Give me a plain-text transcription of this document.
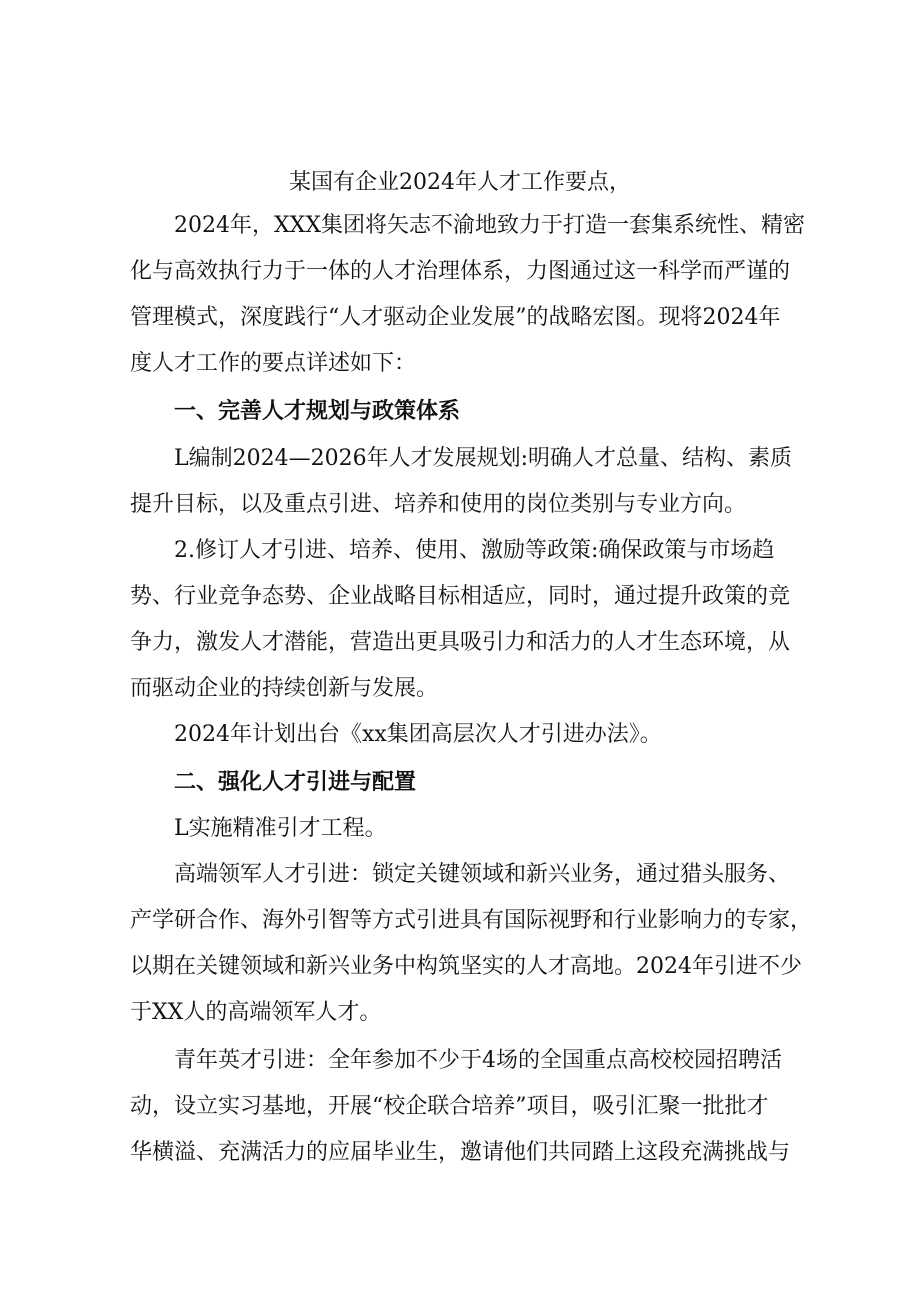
某国有企业2024年人才工作要点，
2024年，XXX集团将矢志不渝地致力于打造一套集系统性、精密
化与高效执行力于一体的人才治理体系，力图通过这一科学而严谨的
管理模式，深度践行“人才驱动企业发展”的战略宏图。现将2024年
度人才工作的要点详述如下：
一、完善人才规划与政策体系
L编制2024—2026年人才发展规划:明确人才总量、结构、素质
提升目标，以及重点引进、培养和使用的岗位类别与专业方向。
2.修订人才引进、培养、使用、激励等政策:确保政策与市场趋
势、行业竞争态势、企业战略目标相适应，同时，通过提升政策的竞
争力，激发人才潜能，营造出更具吸引力和活力的人才生态环境，从
而驱动企业的持续创新与发展。
2024年计划出台《xx集团高层次人才引进办法》。
二、强化人才引进与配置
L实施精准引才工程。
高端领军人才引进：锁定关键领域和新兴业务，通过猎头服务、
产学研合作、海外引智等方式引进具有国际视野和行业影响力的专家，
以期在关键领域和新兴业务中构筑坚实的人才高地。2024年引进不少
于XX人的高端领军人才。
青年英才引进：全年参加不少于4场的全国重点高校校园招聘活
动，设立实习基地，开展“校企联合培养”项目，吸引汇聚一批批才
华横溢、充满活力的应届毕业生，邀请他们共同踏上这段充满挑战与
